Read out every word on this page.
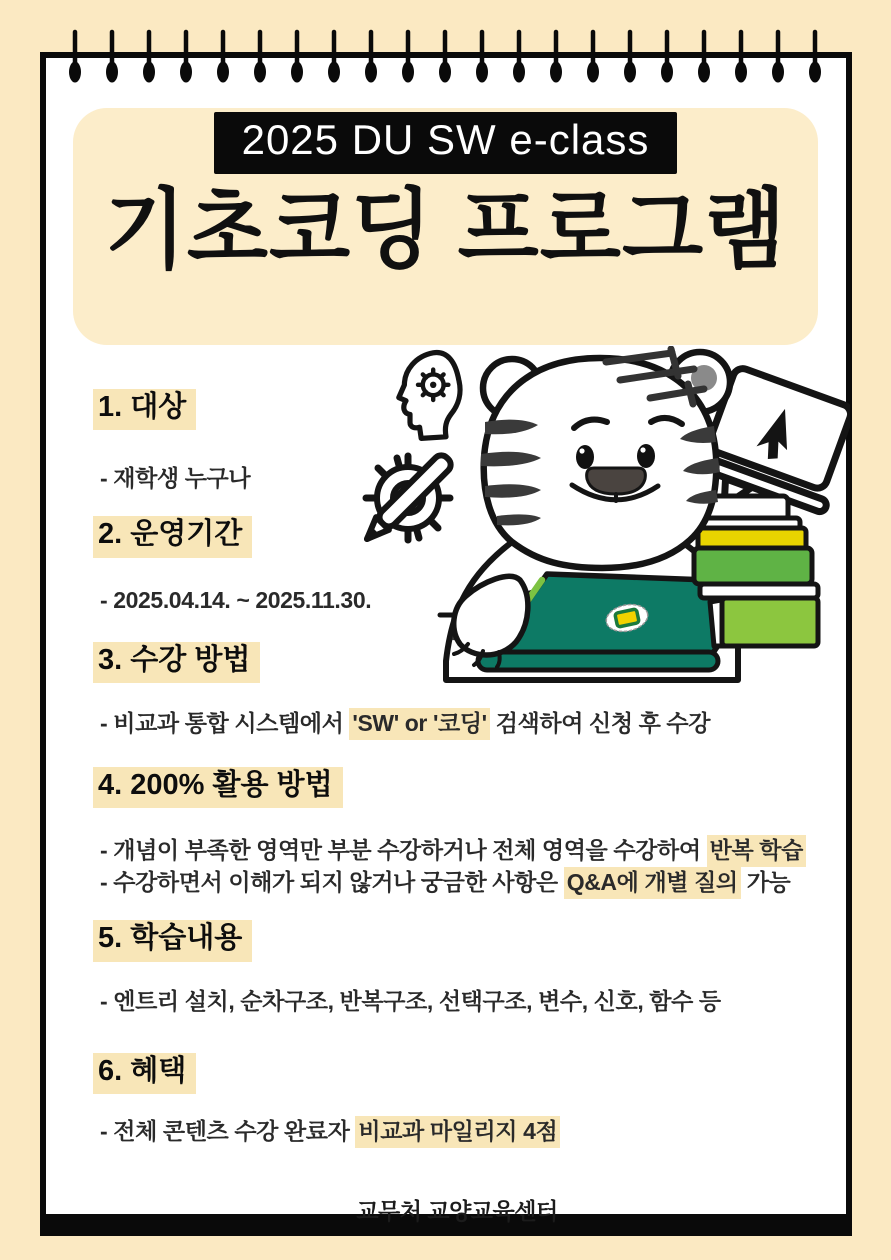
2025 DU SW e-class
기초코딩 프로그램
1. 대상

- 재학생 누구나

2. 운영기간

- 2025.04.14. ~ 2025.11.30.

3. 수강 방법

- 비교과 통합 시스템에서 'SW' or '코딩' 검색하여 신청 후 수강

4. 200% 활용 방법

- 개념이 부족한 영역만 부분 수강하거나 전체 영역을 수강하여 반복 학습

- 수강하면서 이해가 되지 않거나 궁금한 사항은 Q&A에 개별 질의 가능

5. 학습내용

- 엔트리 설치, 순차구조, 반복구조, 선택구조, 변수, 신호, 함수 등

6. 혜택

- 전체 콘텐츠 수강 완료자 비교과 마일리지 4점

교무처 교양교육센터
